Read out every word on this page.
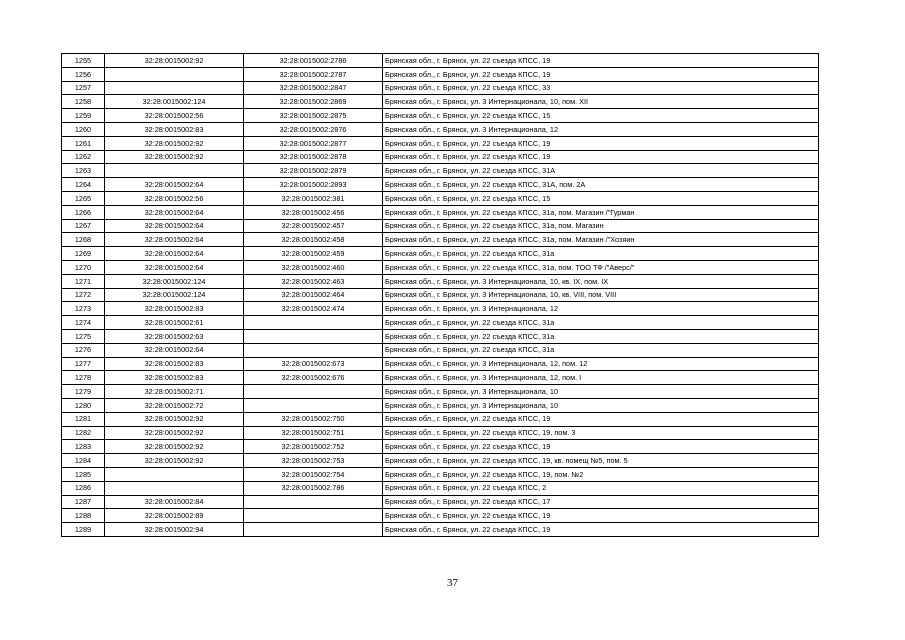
1255	32:28:0015002:92	32:28:0015002:2786	Брянская обл., г. Брянск, ул. 22 съезда КПСС, 19
1256		32:28:0015002:2787	Брянская обл., г. Брянск, ул. 22 съезда КПСС, 19
1257		32:28:0015002:2847	Брянская обл., г. Брянск, ул. 22 съезда КПСС, 33
1258	32:28:0015002:124	32:28:0015002:2869	Брянская обл., г. Брянск, ул. 3 Интернационала, 10, пом. XII
1259	32:28:0015002:56	32:28:0015002:2875	Брянская обл., г. Брянск, ул. 22 съезда КПСС, 15
1260	32:28:0015002:83	32:28:0015002:2876	Брянская обл., г. Брянск, ул. 3 Интернационала, 12
1261	32:28:0015002:92	32:28:0015002:2877	Брянская обл., г. Брянск, ул. 22 съезда КПСС, 19
1262	32:28:0015002:92	32:28:0015002:2878	Брянская обл., г. Брянск, ул. 22 съезда КПСС, 19
1263		32:28:0015002:2879	Брянская обл., г. Брянск, ул. 22 съезда КПСС, 31А
1264	32:28:0015002:64	32:28:0015002:2893	Брянская обл., г. Брянск, ул. 22 съезда КПСС, 31А, пом. 2А
1265	32:28:0015002:56	32:28:0015002:381	Брянская обл., г. Брянск, ул. 22 съезда КПСС, 15
1266	32:28:0015002:64	32:28:0015002:456	Брянская обл., г. Брянск, ул. 22 съезда КПСС, 31а, пом. Магазин /"Гурман
1267	32:28:0015002:64	32:28:0015002:457	Брянская обл., г. Брянск, ул. 22 съезда КПСС, 31а, пом. Магазин
1268	32:28:0015002:64	32:28:0015002:458	Брянская обл., г. Брянск, ул. 22 съезда КПСС, 31а, пом. Магазин /"Хозяин
1269	32:28:0015002:64	32:28:0015002:459	Брянская обл., г. Брянск, ул. 22 съезда КПСС, 31а
1270	32:28:0015002:64	32:28:0015002:460	Брянская обл., г. Брянск, ул. 22 съезда КПСС, 31а, пом. ТОО ТФ /"Аверс/"
1271	32:28:0015002:124	32:28:0015002:463	Брянская обл., г. Брянск, ул. 3 Интернационала, 10, кв. IX, пом. IX
1272	32:28:0015002:124	32:28:0015002:464	Брянская обл., г. Брянск, ул. 3 Интернационала, 10, кв. VIII, пом. VIII
1273	32:28:0015002:83	32:28:0015002:474	Брянская обл., г. Брянск, ул. 3 Интернационала, 12
1274	32:28:0015002:61		Брянская обл., г. Брянск, ул. 22 съезда КПСС, 31а
1275	32:28:0015002:63		Брянская обл., г. Брянск, ул. 22 съезда КПСС, 31а
1276	32:28:0015002:64		Брянская обл., г. Брянск, ул. 22 съезда КПСС, 31а
1277	32:28:0015002:83	32:28:0015002:673	Брянская обл., г. Брянск, ул. 3 Интернационала, 12, пом. 12
1278	32:28:0015002:83	32:28:0015002:676	Брянская обл., г. Брянск, ул. 3 Интернационала, 12, пом. I
1279	32:28:0015002:71		Брянская обл., г. Брянск, ул. 3 Интернационала, 10
1280	32:28:0015002:72		Брянская обл., г. Брянск, ул. 3 Интернационала, 10
1281	32:28:0015002:92	32:28:0015002:750	Брянская обл., г. Брянск, ул. 22 съезда КПСС, 19
1282	32:28:0015002:92	32:28:0015002:751	Брянская обл., г. Брянск, ул. 22 съезда КПСС, 19, пом. 3
1283	32:28:0015002:92	32:28:0015002:752	Брянская обл., г. Брянск, ул. 22 съезда КПСС, 19
1284	32:28:0015002:92	32:28:0015002:753	Брянская обл., г. Брянск, ул. 22 съезда КПСС, 19, кв. помещ №5, пом. 5
1285		32:28:0015002:754	Брянская обл., г. Брянск, ул. 22 съезда КПСС, 19, пом. №2
1286		32:28:0015002:786	Брянская обл., г. Брянск, ул. 22 съезда КПСС, 2
1287	32:28:0015002:84		Брянская обл., г. Брянск, ул. 22 съезда КПСС, 17
1288	32:28:0015002:89		Брянская обл., г. Брянск, ул. 22 съезда КПСС, 19
1289	32:28:0015002:94		Брянская обл., г. Брянск, ул. 22 съезда КПСС, 19
37
